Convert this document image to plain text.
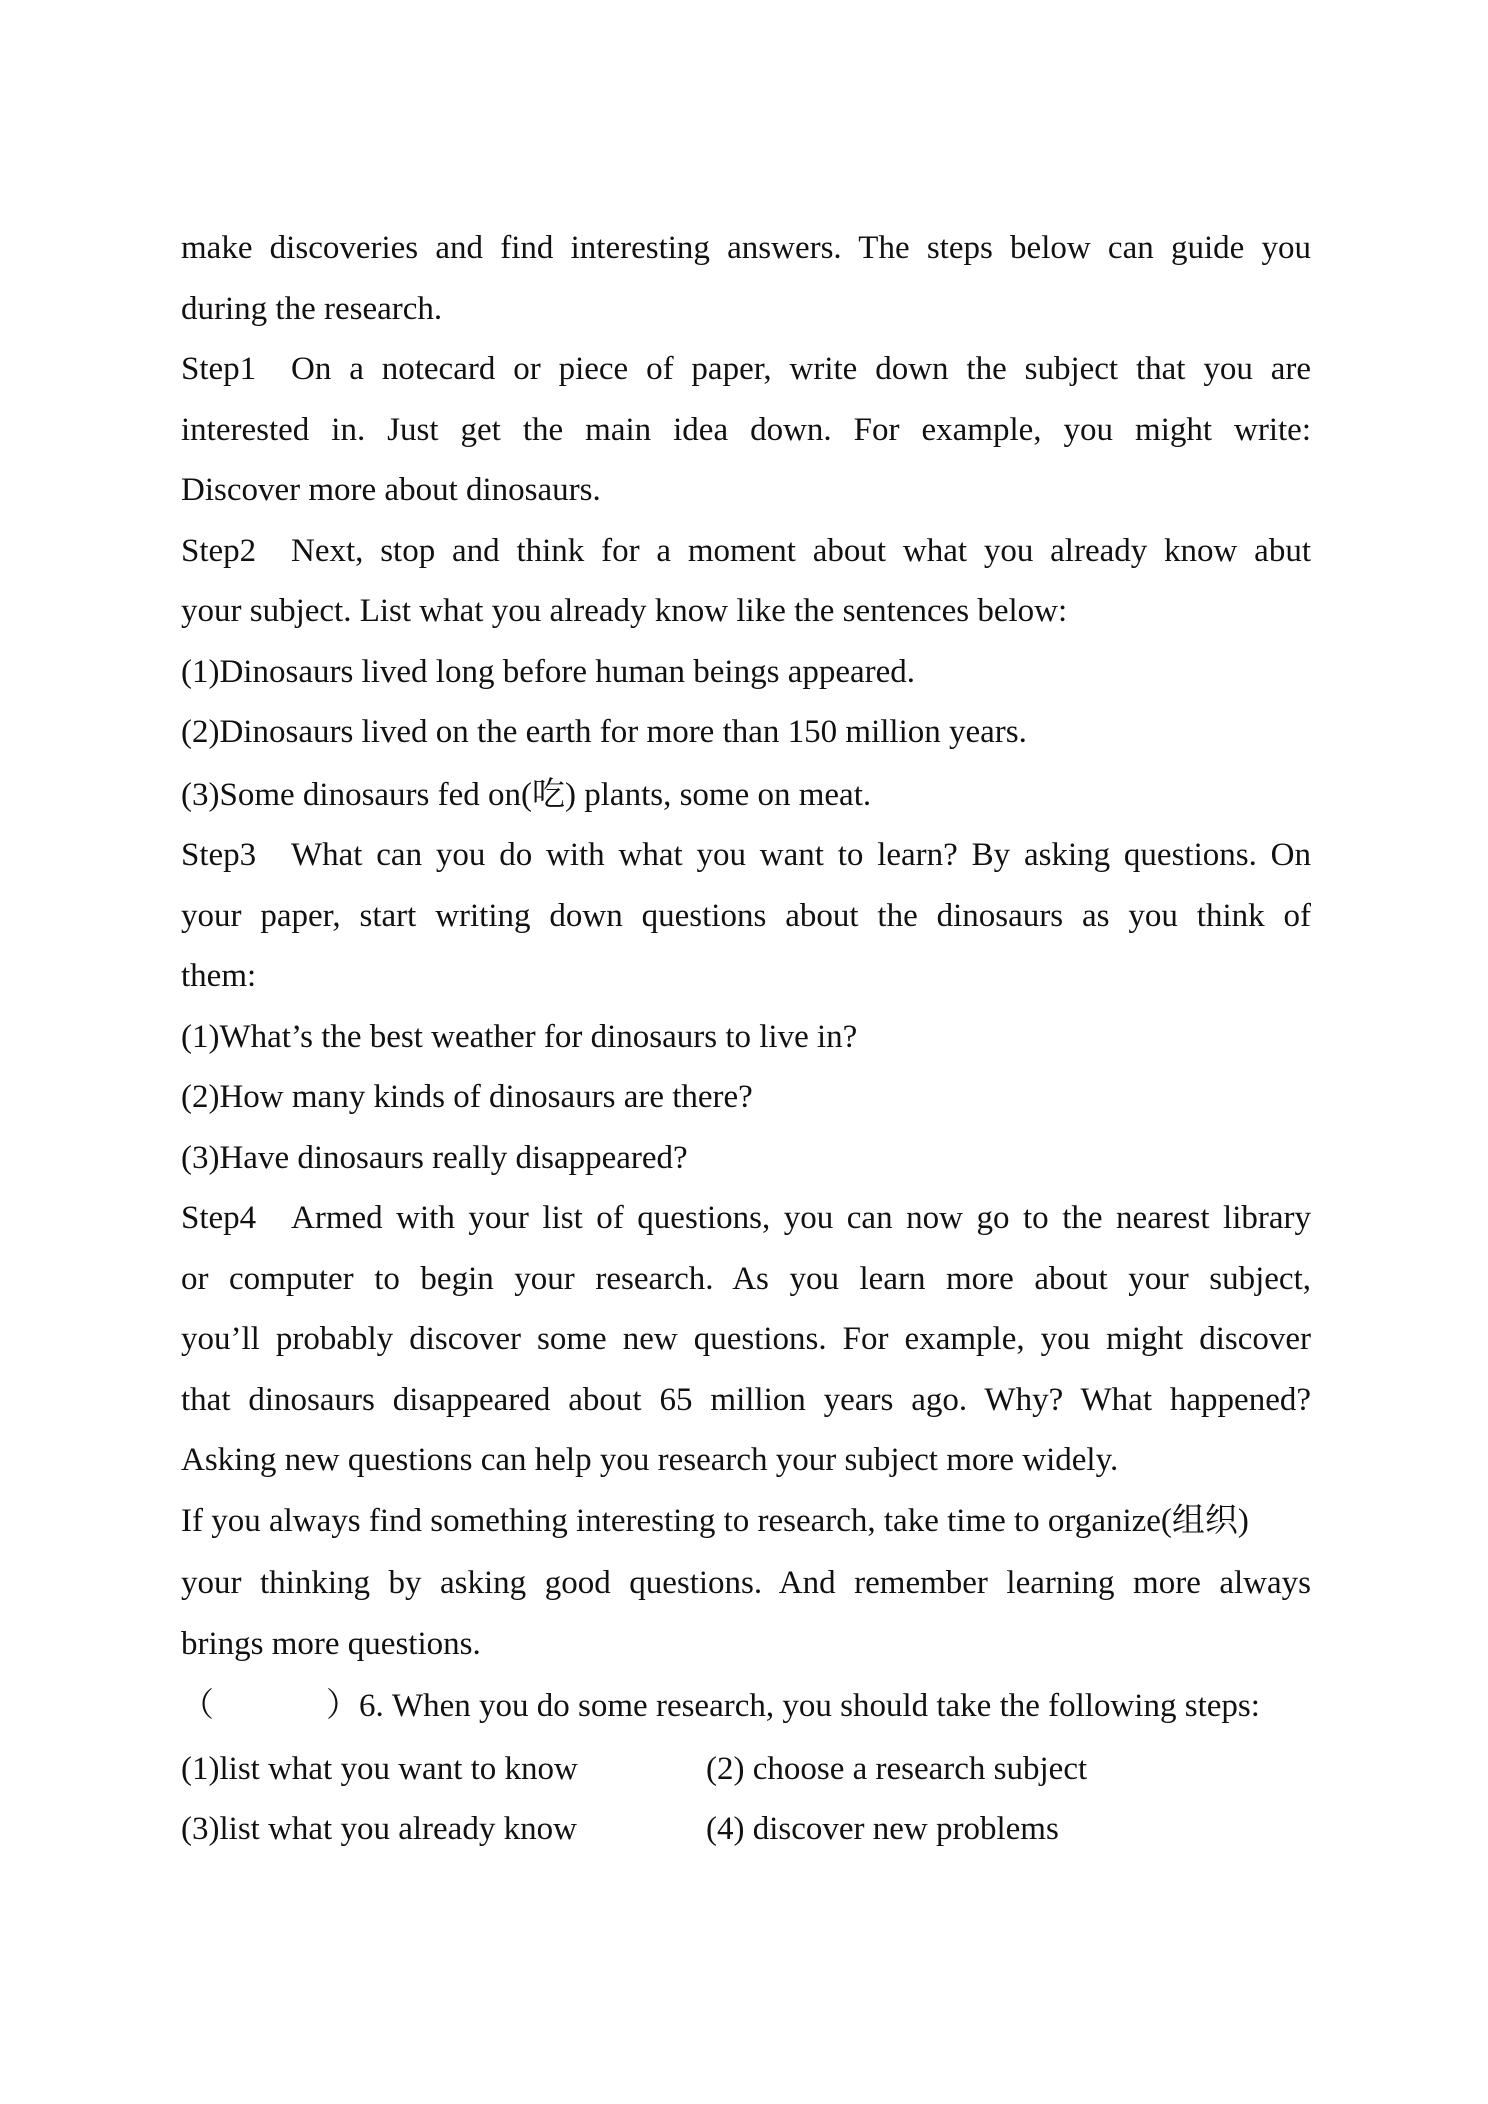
make discoveries and find interesting answers. The steps below can guide you
during the research.
Step1 On a notecard or piece of paper, write down the subject that you are
interested in. Just get the main idea down. For example, you might write:
Discover more about dinosaurs.
Step2 Next, stop and think for a moment about what you already know abut
your subject. List what you already know like the sentences below:
(1)Dinosaurs lived long before human beings appeared.
(2)Dinosaurs lived on the earth for more than 150 million years.
(3)Some dinosaurs fed on(吃) plants, some on meat.
Step3 What can you do with what you want to learn? By asking questions. On
your paper, start writing down questions about the dinosaurs as you think of
them:
(1)What’s the best weather for dinosaurs to live in?
(2)How many kinds of dinosaurs are there?
(3)Have dinosaurs really disappeared?
Step4 Armed with your list of questions, you can now go to the nearest library
or computer to begin your research. As you learn more about your subject,
you’ll probably discover some new questions. For example, you might discover
that dinosaurs disappeared about 65 million years ago. Why? What happened?
Asking new questions can help you research your subject more widely.
If you always find something interesting to research, take time to organize(组织)
your thinking by asking good questions. And remember learning more always
brings more questions.
（	）6. When you do some research, you should take the following steps:
(1)list what you want to know	(2) choose a research subject
(3)list what you already know	(4) discover new problems
